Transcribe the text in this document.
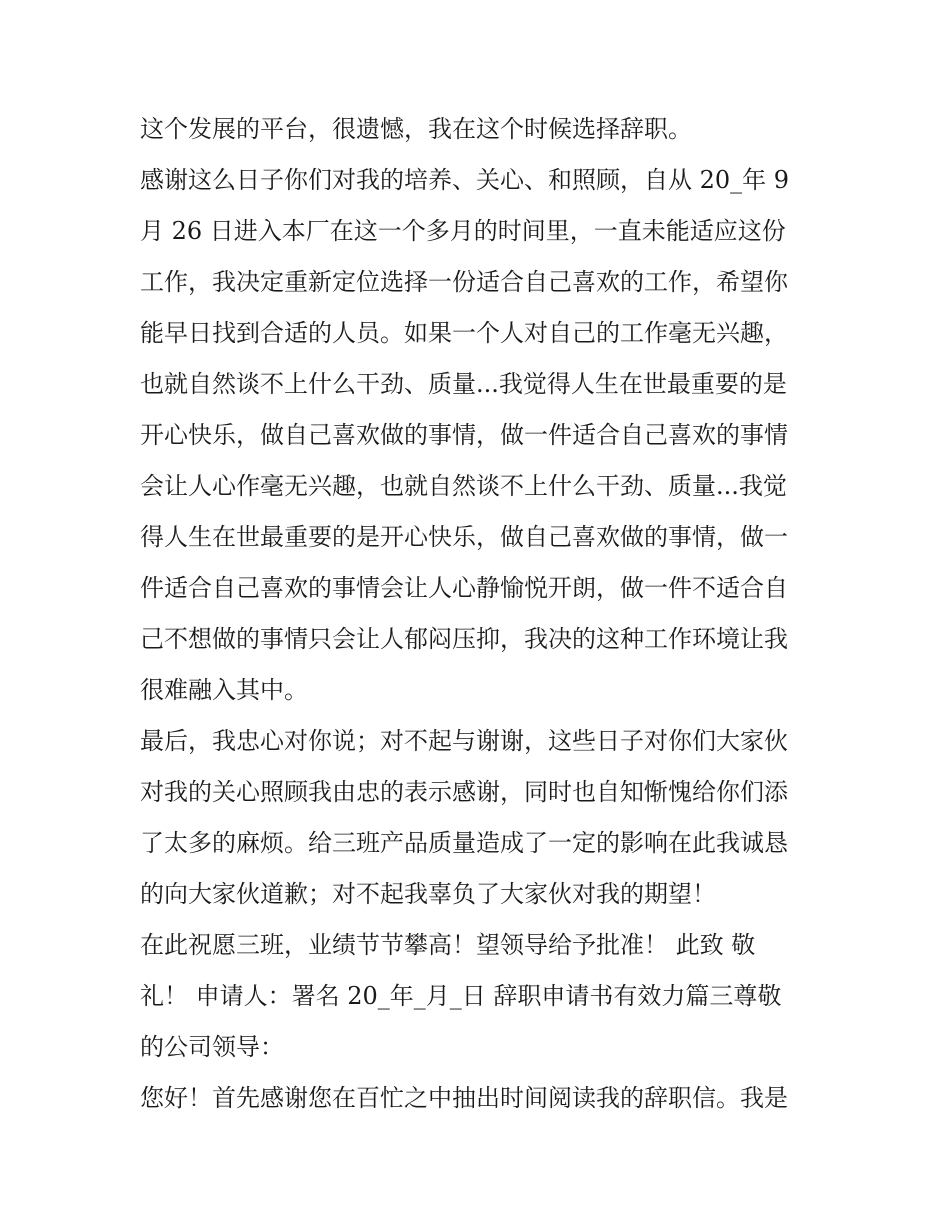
这个发展的平台，很遗憾，我在这个时候选择辞职。
感谢这么日子你们对我的培养、关心、和照顾，自从 20_年 9
月 26 日进入本厂在这一个多月的时间里，一直未能适应这份
工作，我决定重新定位选择一份适合自己喜欢的工作，希望你
能早日找到合适的人员。如果一个人对自己的工作毫无兴趣，
也就自然谈不上什么干劲、质量...我觉得人生在世最重要的是
开心快乐，做自己喜欢做的事情，做一件适合自己喜欢的事情
会让人心作毫无兴趣，也就自然谈不上什么干劲、质量...我觉
得人生在世最重要的是开心快乐，做自己喜欢做的事情，做一
件适合自己喜欢的事情会让人心静愉悦开朗，做一件不适合自
己不想做的事情只会让人郁闷压抑，我决的这种工作环境让我
很难融入其中。
最后，我忠心对你说；对不起与谢谢，这些日子对你们大家伙
对我的关心照顾我由忠的表示感谢，同时也自知惭愧给你们添
了太多的麻烦。给三班产品质量造成了一定的影响在此我诚恳
的向大家伙道歉；对不起我辜负了大家伙对我的期望！
在此祝愿三班，业绩节节攀高！望领导给予批准！ 此致 敬
礼！ 申请人：署名 20_年_月_日 辞职申请书有效力篇三尊敬
的公司领导：
您好！首先感谢您在百忙之中抽出时间阅读我的辞职信。我是
